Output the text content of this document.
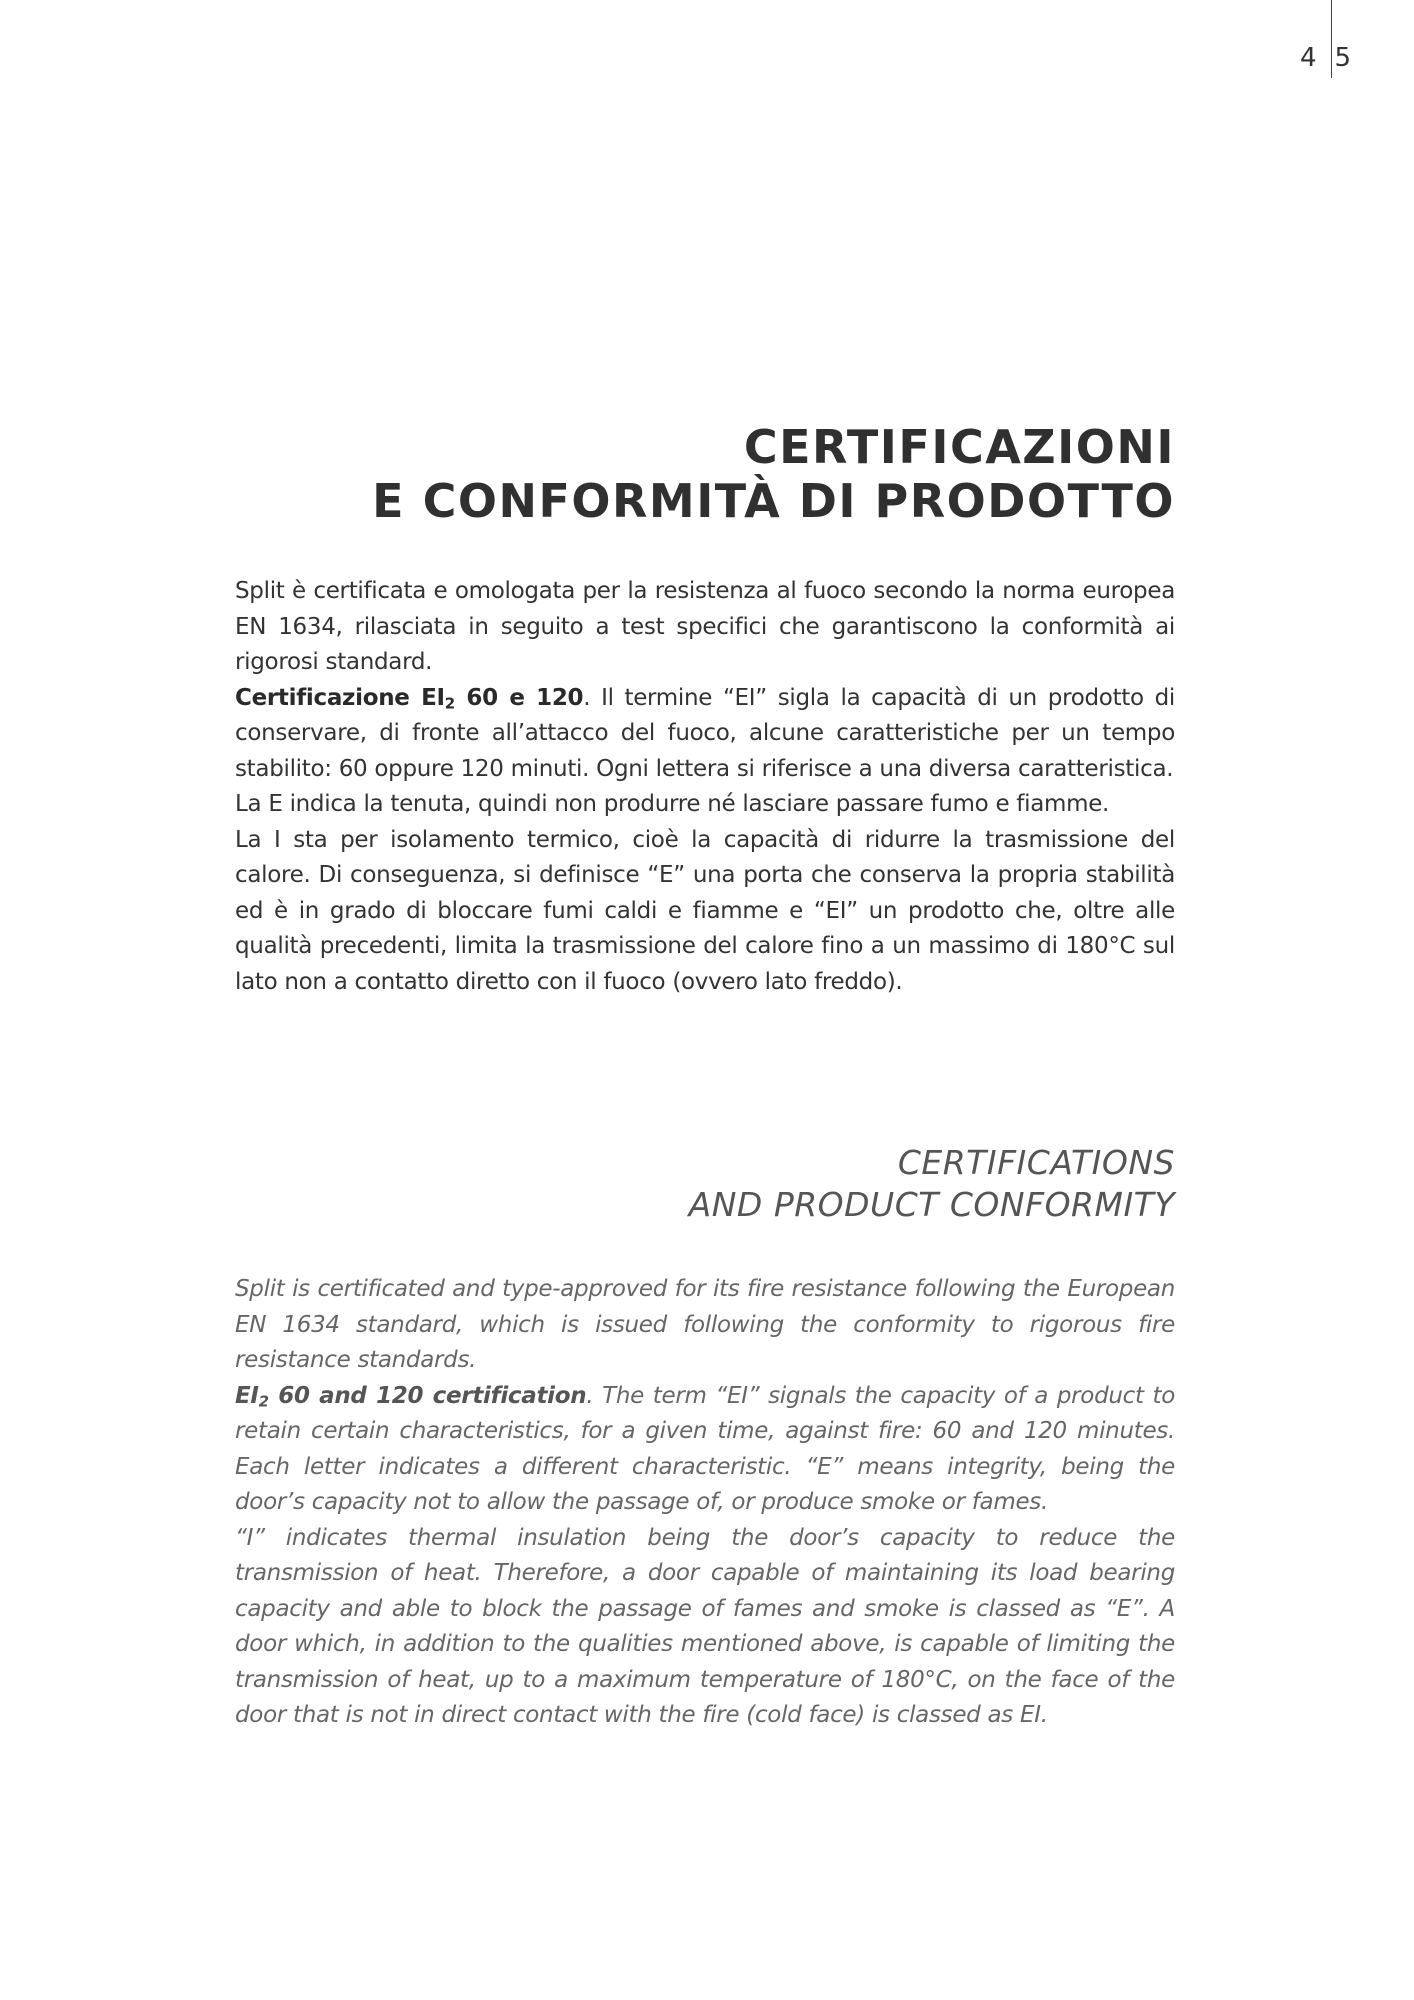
4 5
CERTIFICAZIONI
E CONFORMITÀ DI PRODOTTO

Split è certificata e omologata per la resistenza al fuoco secondo la norma europea EN 1634, rilasciata in seguito a test specifici che garantiscono la conformità ai rigorosi standard.

Certificazione $EI_2$ 60 e 120. Il termine “EI” sigla la capacità di un prodotto di conservare, di fronte all’attacco del fuoco, alcune caratteristiche per un tempo stabilito: 60 oppure 120 minuti. Ogni lettera si riferisce a una diversa caratteristica.

La E indica la tenuta, quindi non produrre né lasciare passare fumo e fiamme.

La I sta per isolamento termico, cioè la capacità di ridurre la trasmissione del calore. Di conseguenza, si definisce “E” una porta che conserva la propria stabilità ed è in grado di bloccare fumi caldi e fiamme e “EI” un prodotto che, oltre alle qualità precedenti, limita la trasmissione del calore fino a un massimo di 180°C sul lato non a contatto diretto con il fuoco (ovvero lato freddo).

CERTIFICATIONS
AND PRODUCT CONFORMITY

Split is certificated and type-approved for its fire resistance following the European EN 1634 standard, which is issued following the conformity to rigorous fire resistance standards.

$EI_2$ 60 and 120 certification. The term “EI” signals the capacity of a product to retain certain characteristics, for a given time, against fire: 60 and 120 minutes. Each letter indicates a different characteristic. “E” means integrity, being the door’s capacity not to allow the passage of, or produce smoke or fames.

“I” indicates thermal insulation being the door’s capacity to reduce the transmission of heat. Therefore, a door capable of maintaining its load bearing capacity and able to block the passage of fames and smoke is classed as “E”. A door which, in addition to the qualities mentioned above, is capable of limiting the transmission of heat, up to a maximum temperature of 180°C, on the face of the door that is not in direct contact with the fire (cold face) is classed as EI.
